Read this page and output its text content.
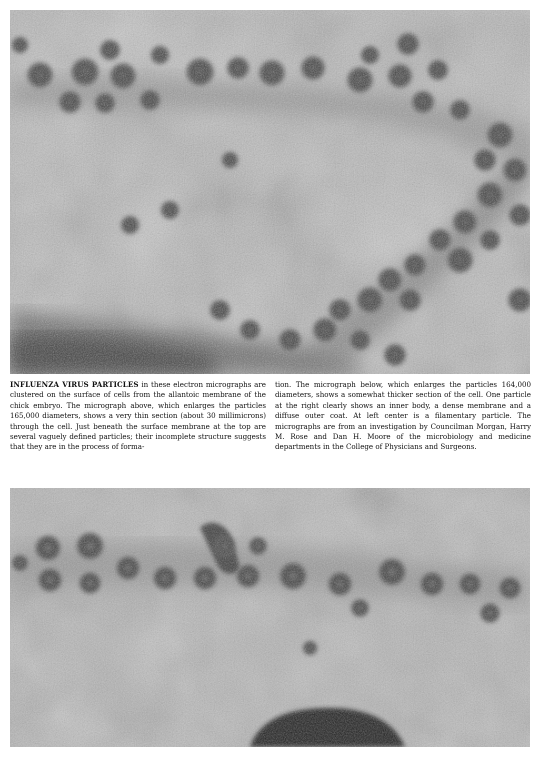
INFLUENZA VIRUS PARTICLES in these electron micrographs are clustered on the surface of cells from the allantoic membrane of the chick embryo. The micrograph above, which enlarges the particles 165,000 diameters, shows a very thin section (about 30 millimicrons) through the cell. Just beneath the surface membrane at the top are several vaguely defined particles; their incomplete structure suggests that they are in the process of forma-
tion. The micrograph below, which enlarges the particles 164,000 diameters, shows a somewhat thicker section of the cell. One particle at the right clearly shows an inner body, a dense membrane and a diffuse outer coat. At left center is a filamentary particle. The micrographs are from an investigation by Councilman Morgan, Harry M. Rose and Dan H. Moore of the microbiology and medicine departments in the College of Physicians and Surgeons.
